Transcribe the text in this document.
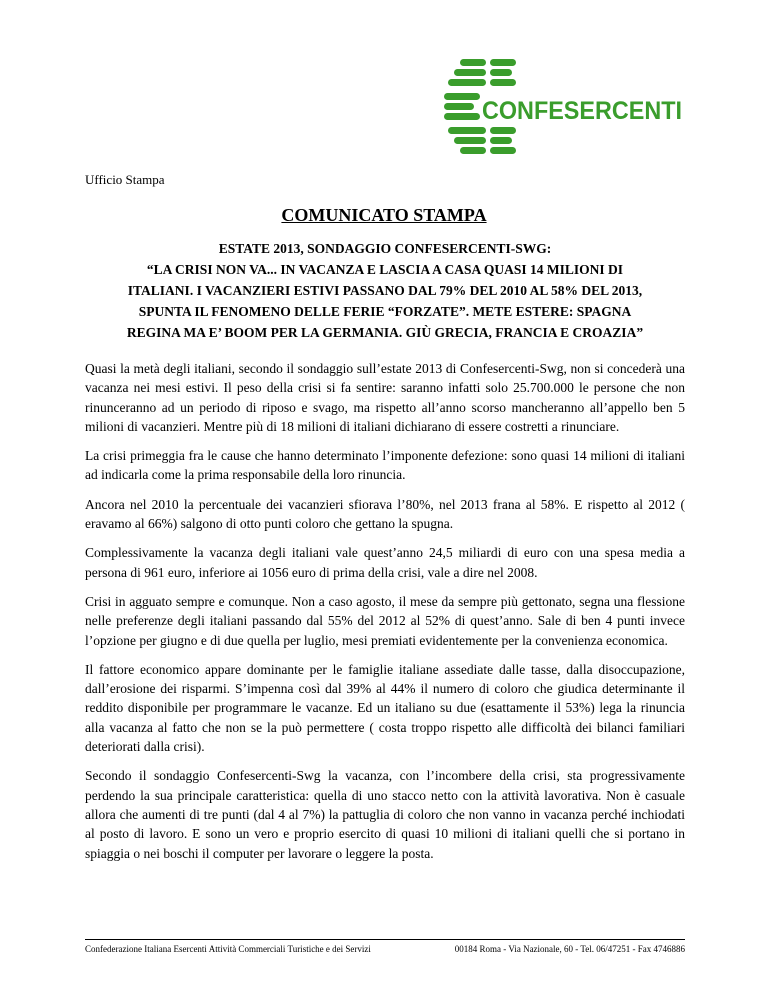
CONFESERCENTI
Ufficio Stampa
COMUNICATO STAMPA
ESTATE 2013, SONDAGGIO CONFESERCENTI-SWG:
“LA CRISI NON VA... IN VACANZA E LASCIA A CASA QUASI 14 MILIONI DI
ITALIANI. I VACANZIERI ESTIVI PASSANO DAL 79% DEL 2010 AL 58% DEL 2013,
SPUNTA IL FENOMENO DELLE FERIE “FORZATE”. METE ESTERE: SPAGNA
REGINA MA E’ BOOM PER LA GERMANIA. GIÙ GRECIA, FRANCIA E CROAZIA”

Quasi la metà degli italiani, secondo il sondaggio sull’estate 2013 di Confesercenti-Swg, non si concederà una vacanza nei mesi estivi. Il peso della crisi si fa sentire: saranno infatti solo 25.700.000 le persone che non rinunceranno ad un periodo di riposo e svago, ma rispetto all’anno scorso mancheranno all’appello ben 5 milioni di vacanzieri. Mentre più di 18 milioni di italiani dichiarano di essere costretti a rinunciare.

La crisi primeggia fra le cause che hanno determinato l’imponente defezione: sono quasi 14 milioni di italiani ad indicarla come la prima responsabile della loro rinuncia.

Ancora nel 2010 la percentuale dei vacanzieri sfiorava l’80%, nel 2013 frana al 58%. E rispetto al 2012 ( eravamo al 66%) salgono di otto punti coloro che gettano la spugna.

Complessivamente la vacanza degli italiani vale quest’anno 24,5 miliardi di euro con una spesa media a persona di 961 euro, inferiore ai 1056 euro di prima della crisi, vale a dire nel 2008.

Crisi in agguato sempre e comunque. Non a caso agosto, il mese da sempre più gettonato, segna una flessione nelle preferenze degli italiani passando dal 55% del 2012 al 52% di quest’anno. Sale di ben 4 punti invece l’opzione per giugno e di due quella per luglio, mesi premiati evidentemente per la convenienza economica.

Il fattore economico appare dominante per le famiglie italiane assediate dalle tasse, dalla disoccupazione, dall’erosione dei risparmi. S’impenna così dal 39% al 44% il numero di coloro che giudica determinante il reddito disponibile per programmare le vacanze. Ed un italiano su due (esattamente il 53%) lega la rinuncia alla vacanza al fatto che non se la può permettere ( costa troppo rispetto alle difficoltà dei bilanci familiari deteriorati dalla crisi).

Secondo il sondaggio Confesercenti-Swg la vacanza, con l’incombere della crisi, sta progressivamente perdendo la sua principale caratteristica: quella di uno stacco netto con la attività lavorativa. Non è casuale allora che aumenti di tre punti (dal 4 al 7%) la pattuglia di coloro che non vanno in vacanza perché inchiodati al posto di lavoro. E sono un vero e proprio esercito di quasi 10 milioni di italiani quelli che si portano in spiaggia o nei boschi il computer per lavorare o leggere la posta.

Confederazione Italiana Esercenti Attività Commerciali Turistiche e dei Servizi	00184 Roma - Via Nazionale, 60 - Tel. 06/47251 - Fax 4746886
